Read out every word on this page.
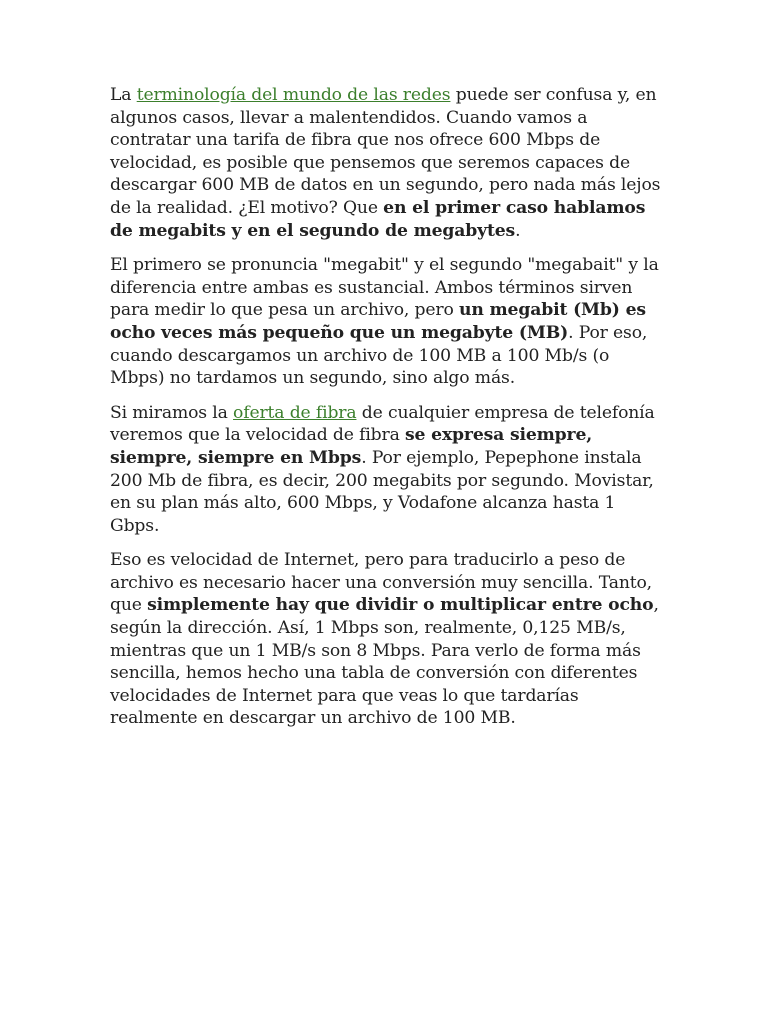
La terminología del mundo de las redes puede ser confusa y, en algunos casos, llevar a malentendidos. Cuando vamos a contratar una tarifa de fibra que nos ofrece 600 Mbps de velocidad, es posible que pensemos que seremos capaces de descargar 600 MB de datos en un segundo, pero nada más lejos de la realidad. ¿El motivo? Que en el primer caso hablamos de megabits y en el segundo de megabytes.

El primero se pronuncia "megabit" y el segundo "megabait" y la diferencia entre ambas es sustancial. Ambos términos sirven para medir lo que pesa un archivo, pero un megabit (Mb) es ocho veces más pequeño que un megabyte (MB). Por eso, cuando descargamos un archivo de 100 MB a 100 Mb/s (o Mbps) no tardamos un segundo, sino algo más.

Si miramos la oferta de fibra de cualquier empresa de telefonía veremos que la velocidad de fibra se expresa siempre, siempre, siempre en Mbps. Por ejemplo, Pepephone instala 200 Mb de fibra, es decir, 200 megabits por segundo. Movistar, en su plan más alto, 600 Mbps, y Vodafone alcanza hasta 1 Gbps.

Eso es velocidad de Internet, pero para traducirlo a peso de archivo es necesario hacer una conversión muy sencilla. Tanto, que simplemente hay que dividir o multiplicar entre ocho, según la dirección. Así, 1 Mbps son, realmente, 0,125 MB/s, mientras que un 1 MB/s son 8 Mbps. Para verlo de forma más sencilla, hemos hecho una tabla de conversión con diferentes velocidades de Internet para que veas lo que tardarías realmente en descargar un archivo de 100 MB.
